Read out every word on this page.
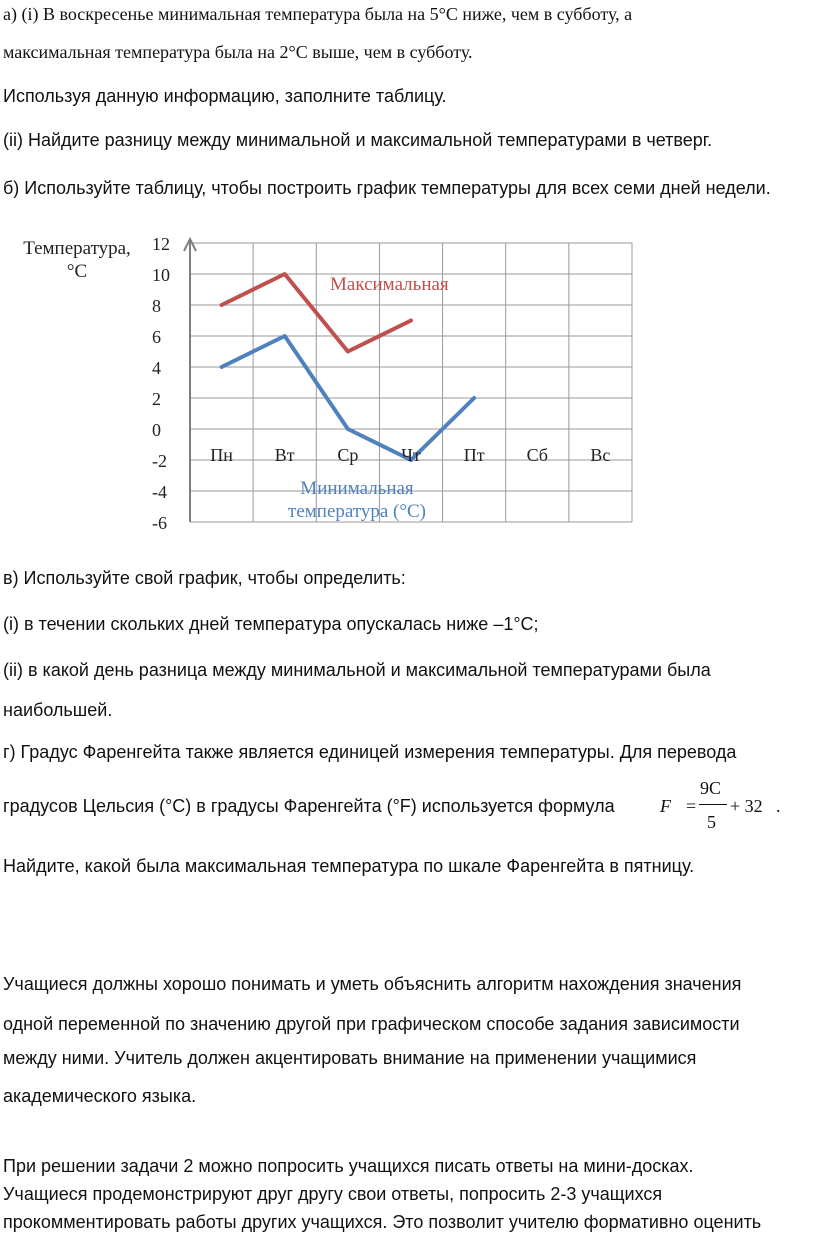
а) (i) В воскресенье минимальная температура была на 5°С ниже, чем в субботу, а
максимальная температура была на 2°С выше, чем в субботу.
Используя данную информацию, заполните таблицу.
(ii) Найдите разницу между минимальной и максимальной температурами в четверг.
б) Используйте таблицу, чтобы построить график температуры для всех семи дней недели.
12
10
8
6
4
2
0
-2
-4
-6
Пн Вт Ср Чт Пт Сб Вс
Температура,
°С
Максимальная
Минимальная
температура (°С)
в) Используйте свой график, чтобы определить:
(i) в течении скольких дней температура опускалась ниже –1°С;
(ii) в какой день разница между минимальной и максимальной температурами была
наибольшей.
г) Градус Фаренгейта также является единицей измерения температуры. Для перевода
градусов Цельсия (°С) в градусы Фаренгейта (°F) используется формула	F =
9C
5
+ 32 .
Найдите, какой была максимальная температура по шкале Фаренгейта в пятницу.
Учащиеся должны хорошо понимать и уметь объяснить алгоритм нахождения значения
одной переменной по значению другой при графическом способе задания зависимости
между ними. Учитель должен акцентировать внимание на применении учащимися
академического языка.
При решении задачи 2 можно попросить учащихся писать ответы на мини-досках.
Учащиеся продемонстрируют друг другу свои ответы, попросить 2-3 учащихся
прокомментировать работы других учащихся. Это позволит учителю формативно оценить
